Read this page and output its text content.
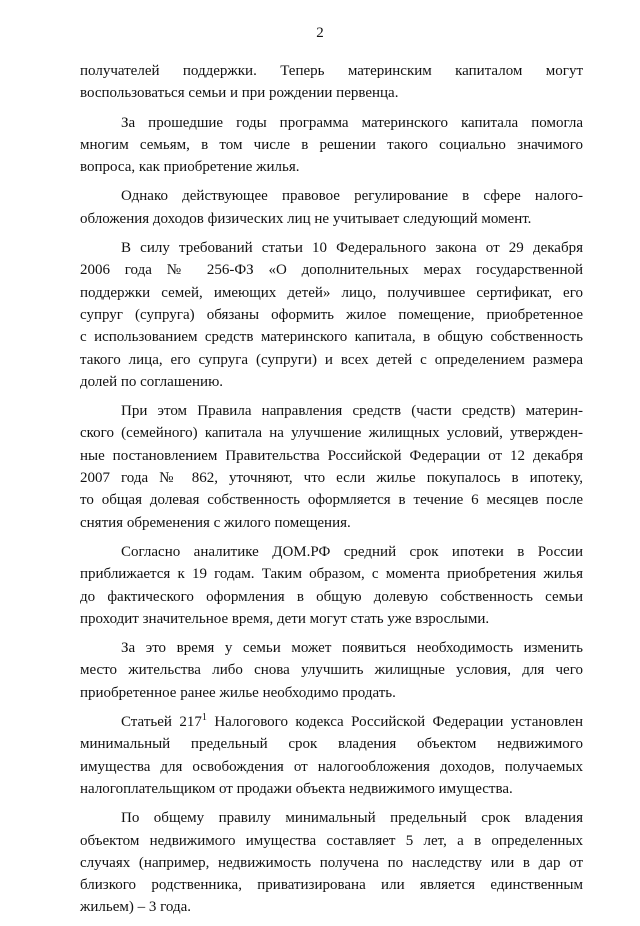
2
получателей поддержки. Теперь материнским капиталом могут
воспользоваться семьи и при рождении первенца.
За прошедшие годы программа материнского капитала помогла
многим семьям, в том числе в решении такого социально значимого
вопроса, как приобретение жилья.
Однако действующее правовое регулирование в сфере налого-
обложения доходов физических лиц не учитывает следующий момент.
В силу требований статьи 10 Федерального закона от 29 декабря
2006 года № 256-ФЗ «О дополнительных мерах государственной
поддержки семей, имеющих детей» лицо, получившее сертификат, его
супруг (супруга) обязаны оформить жилое помещение, приобретенное
с использованием средств материнского капитала, в общую собственность
такого лица, его супруга (супруги) и всех детей с определением размера
долей по соглашению.
При этом Правила направления средств (части средств) материн-
ского (семейного) капитала на улучшение жилищных условий, утвержден-
ные постановлением Правительства Российской Федерации от 12 декабря
2007 года № 862, уточняют, что если жилье покупалось в ипотеку,
то общая долевая собственность оформляется в течение 6 месяцев после
снятия обременения с жилого помещения.
Согласно аналитике ДОМ.РФ средний срок ипотеки в России
приближается к 19 годам. Таким образом, с момента приобретения жилья
до фактического оформления в общую долевую собственность семьи
проходит значительное время, дети могут стать уже взрослыми.
За это время у семьи может появиться необходимость изменить
место жительства либо снова улучшить жилищные условия, для чего
приобретенное ранее жилье необходимо продать.
Статьей $217^1$ Налогового кодекса Российской Федерации установлен
минимальный предельный срок владения объектом недвижимого
имущества для освобождения от налогообложения доходов, получаемых
налогоплательщиком от продажи объекта недвижимого имущества.
По общему правилу минимальный предельный срок владения
объектом недвижимого имущества составляет 5 лет, а в определенных
случаях (например, недвижимость получена по наследству или в дар от
близкого родственника, приватизирована или является единственным
жильем) – 3 года.
